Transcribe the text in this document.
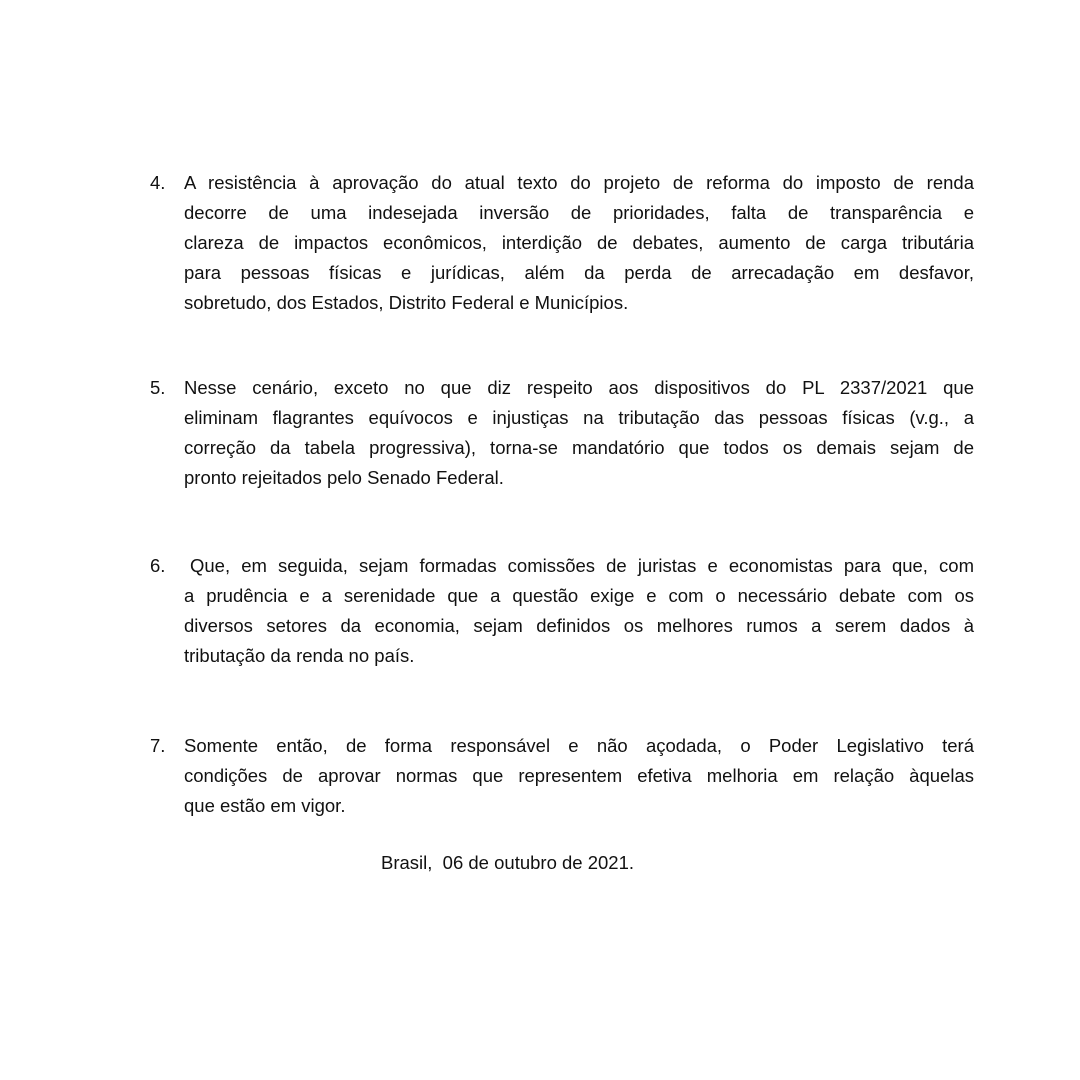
4.	A resistência à aprovação do atual texto do projeto de reforma do imposto de renda
decorre de uma indesejada inversão de prioridades, falta de transparência e
clareza de impactos econômicos, interdição de debates, aumento de carga tributária
para pessoas físicas e jurídicas, além da perda de arrecadação em desfavor,
sobretudo, dos Estados, Distrito Federal e Municípios.
5.	Nesse cenário, exceto no que diz respeito aos dispositivos do PL 2337/2021 que
eliminam flagrantes equívocos e injustiças na tributação das pessoas físicas (v.g., a
correção da tabela progressiva), torna-se mandatório que todos os demais sejam de
pronto rejeitados pelo Senado Federal.
6.	Que, em seguida, sejam formadas comissões de juristas e economistas para que, com
a prudência e a serenidade que a questão exige e com o necessário debate com os
diversos setores da economia, sejam definidos os melhores rumos a serem dados à
tributação da renda no país.
7.	Somente então, de forma responsável e não açodada, o Poder Legislativo terá
condições de aprovar normas que representem efetiva melhoria em relação àquelas
que estão em vigor.
Brasil,  06 de outubro de 2021.
